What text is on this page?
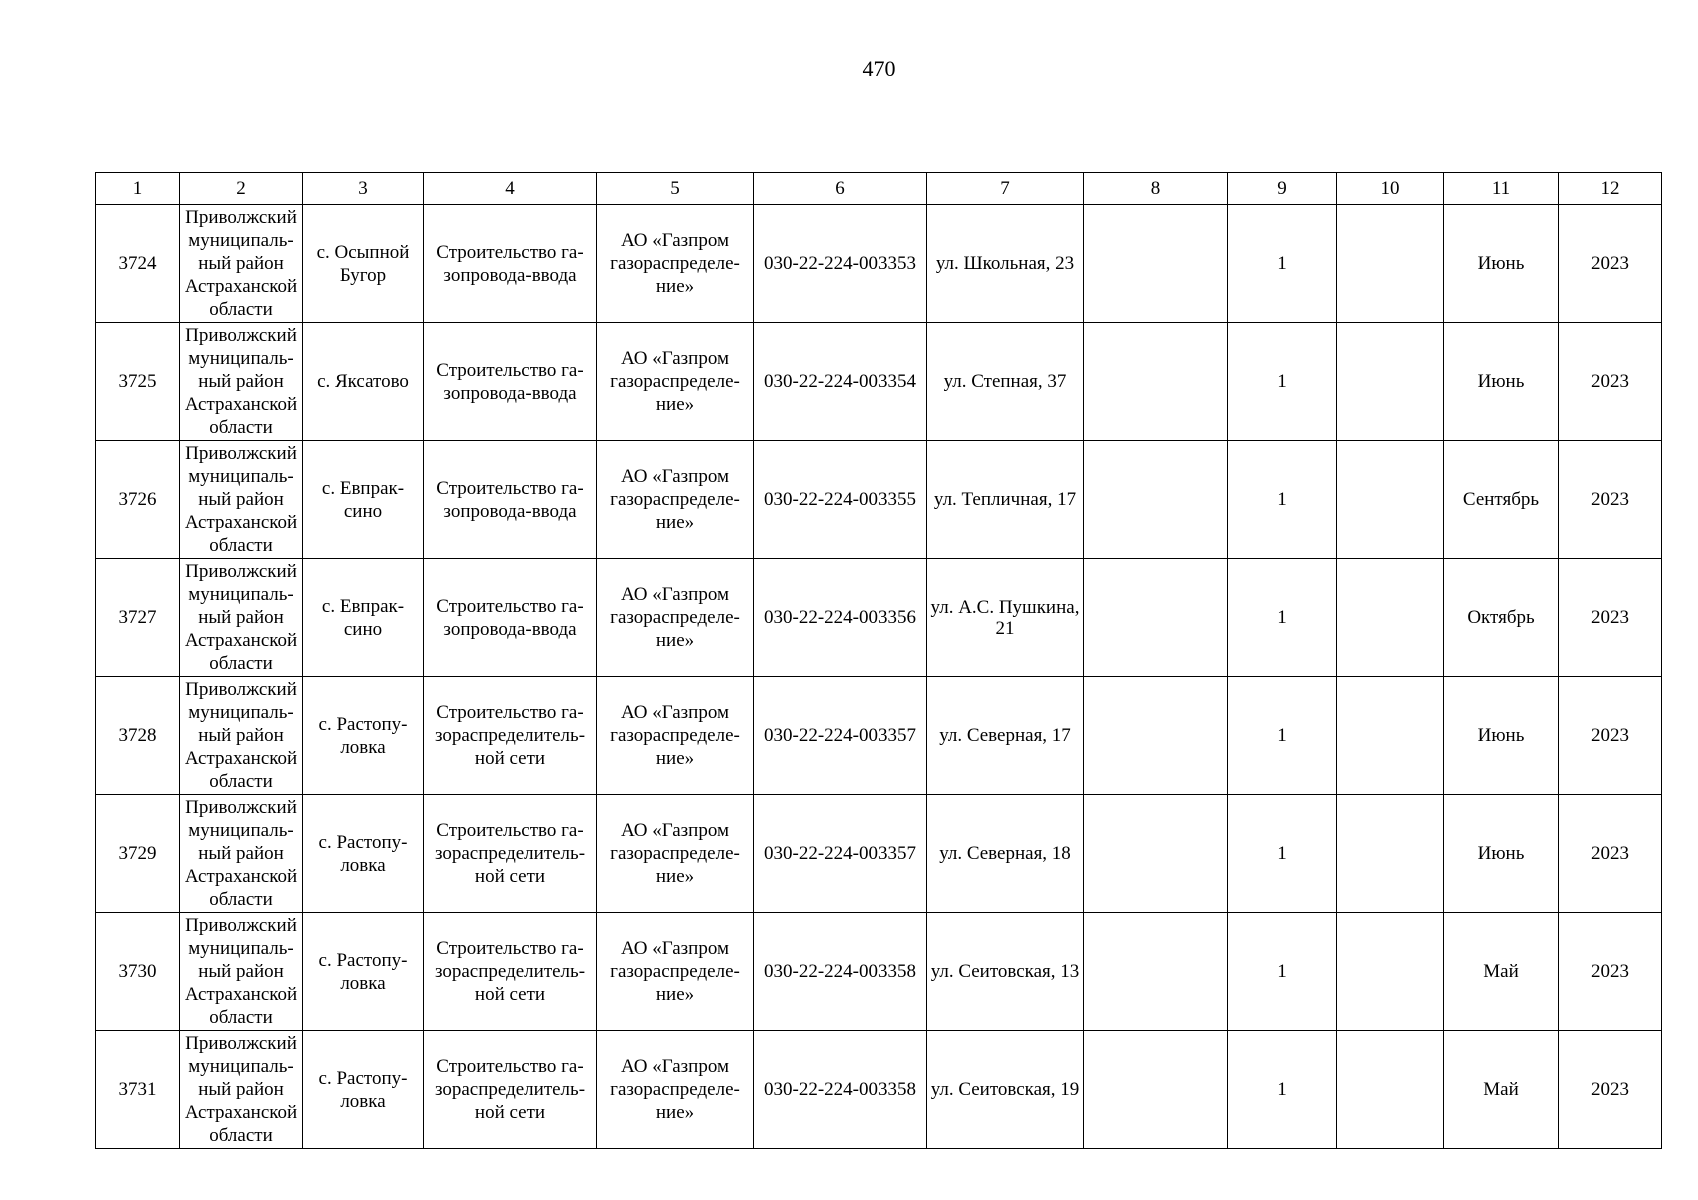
470
1	2	3	4	5	6	7	8	9	10	11	12
3724	Приволжский муниципаль-ный район Астраханской области	с. Осыпной Бугор	Строительство га-зопровода-ввода	АО «Газпром газораспределе-ние»	030-22-224-003353	ул. Школьная, 23		1		Июнь	2023
3725	Приволжский муниципаль-ный район Астраханской области	с. Яксатово	Строительство га-зопровода-ввода	АО «Газпром газораспределе-ние»	030-22-224-003354	ул. Степная, 37		1		Июнь	2023
3726	Приволжский муниципаль-ный район Астраханской области	с. Евпрак-сино	Строительство га-зопровода-ввода	АО «Газпром газораспределе-ние»	030-22-224-003355	ул. Тепличная, 17		1		Сентябрь	2023
3727	Приволжский муниципаль-ный район Астраханской области	с. Евпрак-сино	Строительство га-зопровода-ввода	АО «Газпром газораспределе-ние»	030-22-224-003356	ул. А.С. Пушкина, 21		1		Октябрь	2023
3728	Приволжский муниципаль-ный район Астраханской области	с. Растопу-ловка	Строительство га-зораспределитель-ной сети	АО «Газпром газораспределе-ние»	030-22-224-003357	ул. Северная, 17		1		Июнь	2023
3729	Приволжский муниципаль-ный район Астраханской области	с. Растопу-ловка	Строительство га-зораспределитель-ной сети	АО «Газпром газораспределе-ние»	030-22-224-003357	ул. Северная, 18		1		Июнь	2023
3730	Приволжский муниципаль-ный район Астраханской области	с. Растопу-ловка	Строительство га-зораспределитель-ной сети	АО «Газпром газораспределе-ние»	030-22-224-003358	ул. Сеитовская, 13		1		Май	2023
3731	Приволжский муниципаль-ный район Астраханской области	с. Растопу-ловка	Строительство га-зораспределитель-ной сети	АО «Газпром газораспределе-ние»	030-22-224-003358	ул. Сеитовская, 19		1		Май	2023
